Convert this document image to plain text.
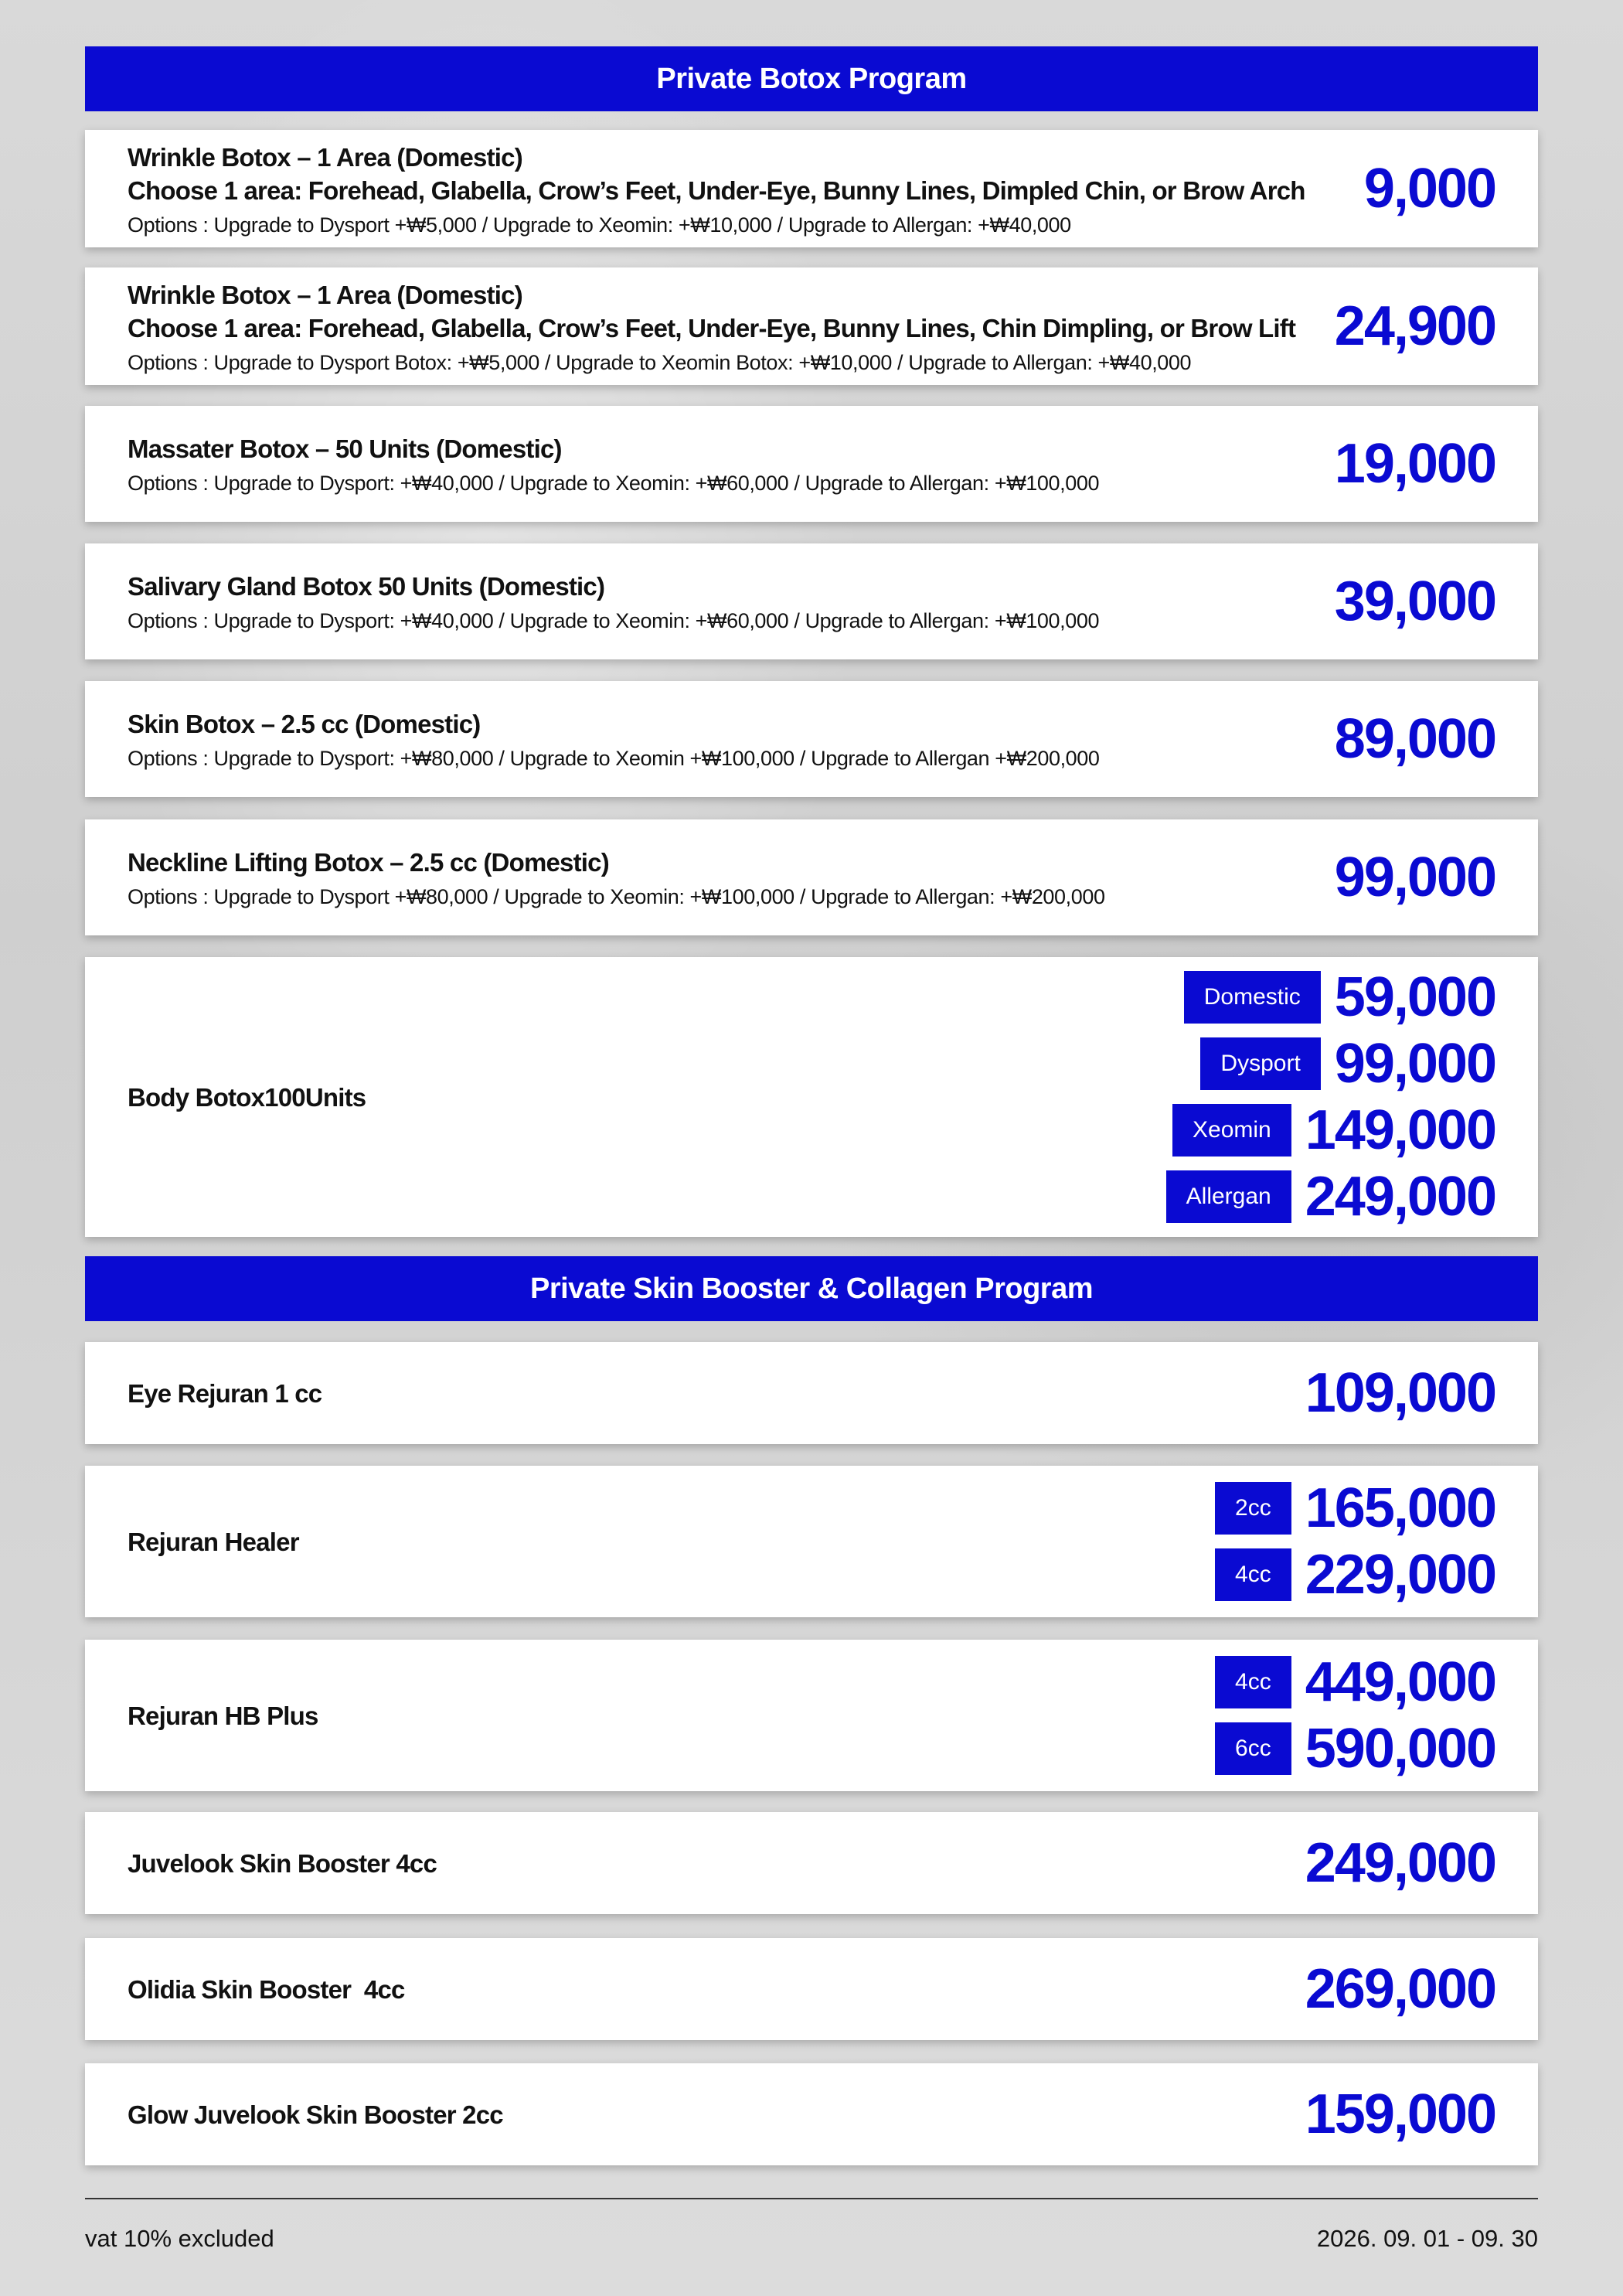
Private Botox Program
Wrinkle Botox – 1 Area (Domestic)
Choose 1 area: Forehead, Glabella, Crow’s Feet, Under-Eye, Bunny Lines, Dimpled Chin, or Brow Arch
Options : Upgrade to Dysport +₩5,000 / Upgrade to Xeomin: +₩10,000 / Upgrade to Allergan: +₩40,000
9,000
Wrinkle Botox – 1 Area (Domestic)
Choose 1 area: Forehead, Glabella, Crow’s Feet, Under-Eye, Bunny Lines, Chin Dimpling, or Brow Lift
Options : Upgrade to Dysport Botox: +₩5,000 / Upgrade to Xeomin Botox: +₩10,000 / Upgrade to Allergan: +₩40,000
24,900
Massater Botox – 50 Units (Domestic)
Options : Upgrade to Dysport: +₩40,000 / Upgrade to Xeomin: +₩60,000 / Upgrade to Allergan: +₩100,000	19,000
Salivary Gland Botox 50 Units (Domestic)
Options : Upgrade to Dysport: +₩40,000 / Upgrade to Xeomin: +₩60,000 / Upgrade to Allergan: +₩100,000	39,000
Skin Botox – 2.5 cc (Domestic)
Options : Upgrade to Dysport: +₩80,000 / Upgrade to Xeomin +₩100,000 / Upgrade to Allergan +₩200,000	89,000
Neckline Lifting Botox – 2.5 cc (Domestic)
Options : Upgrade to Dysport +₩80,000 / Upgrade to Xeomin: +₩100,000 / Upgrade to Allergan: +₩200,000	99,000
Body Botox100Units
Domestic 59,000
Dysport 99,000
Xeomin 149,000
Allergan 249,000
Private Skin Booster & Collagen Program
Eye Rejuran 1 cc	109,000
Rejuran Healer
2cc 165,000
4cc 229,000
Rejuran HB Plus
4cc 449,000
6cc 590,000
Juvelook Skin Booster 4cc	249,000
Olidia Skin Booster  4cc	269,000
Glow Juvelook Skin Booster 2cc	159,000
vat 10% excluded	2026. 09. 01 - 09. 30
